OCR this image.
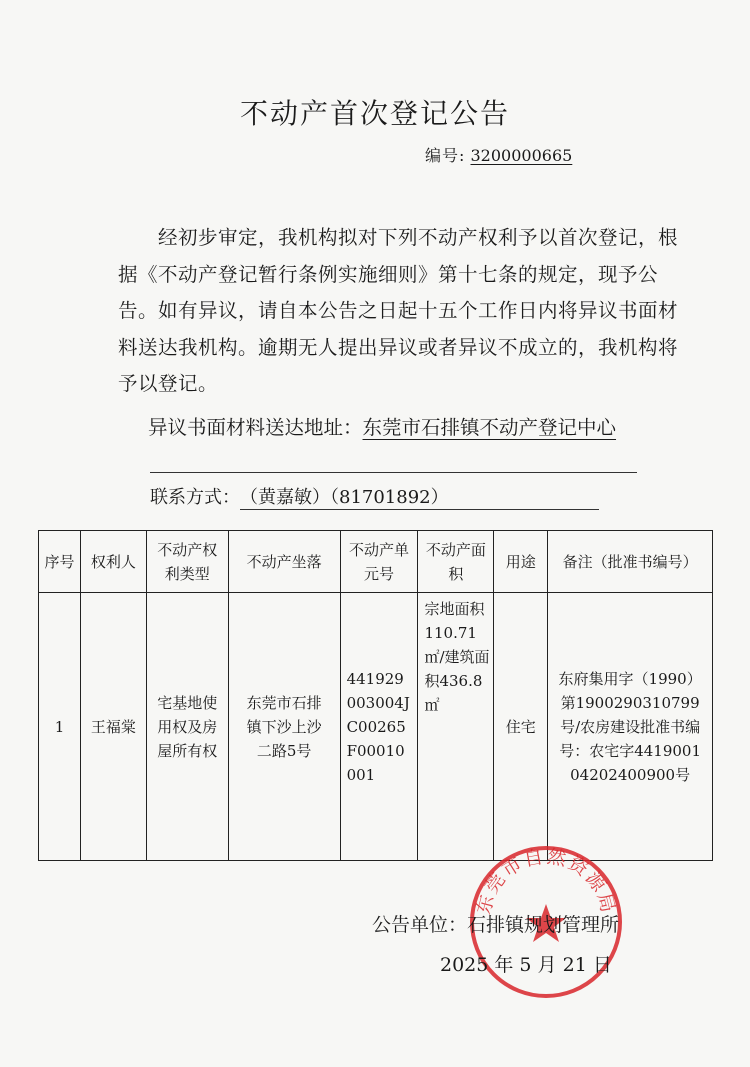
不动产首次登记公告
编号: 3200000665
经初步审定，我机构拟对下列不动产权利予以首次登记，根据《不动产登记暂行条例实施细则》第十七条的规定，现予公告。如有异议，请自本公告之日起十五个工作日内将异议书面材料送达我机构。逾期无人提出异议或者异议不成立的，我机构将予以登记。
异议书面材料送达地址：东莞市石排镇不动产登记中心
联系方式：（黄嘉敏）（81701892）
序号	权利人	不动产权利类型	不动产坐落	不动产单元号	不动产面积	用途	备注（批准书编号）
1	王福棠	宅基地使用权及房屋所有权	东莞市石排镇下沙上沙二路5号	441929003004JC00265F00010001	宗地面积110.71㎡/建筑面积436.8㎡	住宅	东府集用字（1990）第1900290310799号/农房建设批准书编号：农宅字441900104202400900号
东莞市自然资源局
公告单位：石排镇规划管理所
2025 年 5 月 21 日
